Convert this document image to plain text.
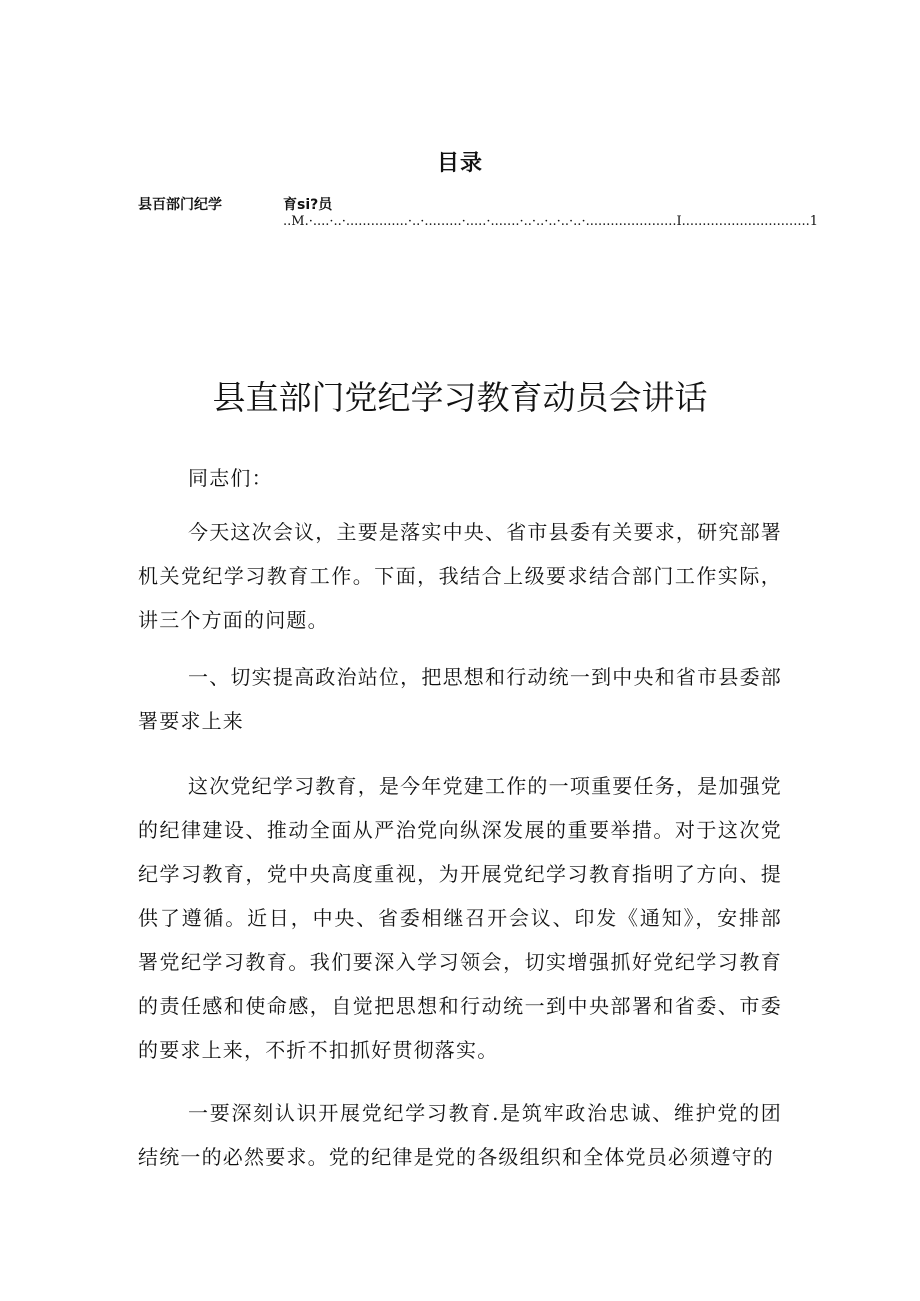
目录
县百部门纪学	育si?员
..M.·....·..·...............·..·.........·.....·.......·..·..·..·..·..·......................I...............................1
县直部门党纪学习教育动员会讲话
同志们：
今天这次会议，主要是落实中央、省市县委有关要求，研究部署机关党纪学习教育工作。下面，我结合上级要求结合部门工作实际，讲三个方面的问题。
一、切实提高政治站位，把思想和行动统一到中央和省市县委部署要求上来
这次党纪学习教育，是今年党建工作的一项重要任务，是加强党的纪律建设、推动全面从严治党向纵深发展的重要举措。对于这次党纪学习教育，党中央高度重视，为开展党纪学习教育指明了方向、提供了遵循。近日，中央、省委相继召开会议、印发《通知》，安排部署党纪学习教育。我们要深入学习领会，切实增强抓好党纪学习教育的责任感和使命感，自觉把思想和行动统一到中央部署和省委、市委的要求上来，不折不扣抓好贯彻落实。
一要深刻认识开展党纪学习教育.是筑牢政治忠诚、维护党的团结统一的必然要求。党的纪律是党的各级组织和全体党员必须遵守的
